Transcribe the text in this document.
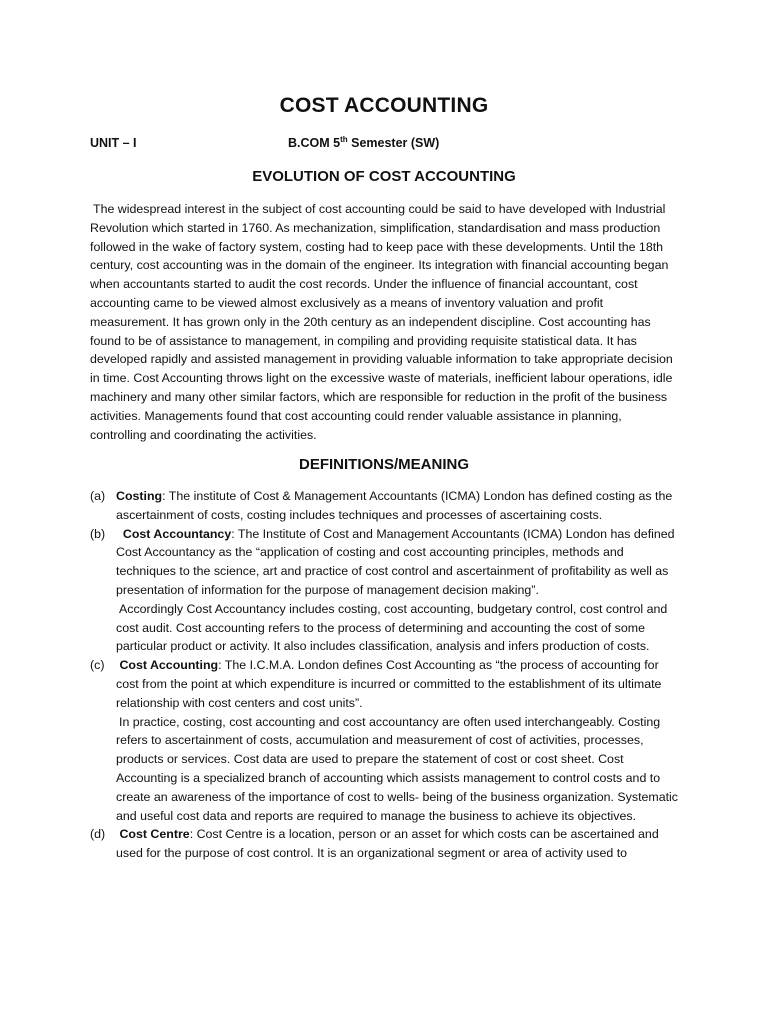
COST ACCOUNTING
UNIT – I	B.COM 5th Semester (SW)
EVOLUTION OF COST ACCOUNTING

The widespread interest in the subject of cost accounting could be said to have developed with Industrial Revolution which started in 1760. As mechanization, simplification, standardisation and mass production followed in the wake of factory system, costing had to keep pace with these developments. Until the 18th century, cost accounting was in the domain of the engineer. Its integration with financial accounting began when accountants started to audit the cost records. Under the influence of financial accountant, cost accounting came to be viewed almost exclusively as a means of inventory valuation and profit measurement. It has grown only in the 20th century as an independent discipline. Cost accounting has found to be of assistance to management, in compiling and providing requisite statistical data. It has developed rapidly and assisted management in providing valuable information to take appropriate decision in time. Cost Accounting throws light on the excessive waste of materials, inefficient labour operations, idle machinery and many other similar factors, which are responsible for reduction in the profit of the business activities. Managements found that cost accounting could render valuable assistance in planning, controlling and coordinating the activities.

DEFINITIONS/MEANING
(a) Costing: The institute of Cost & Management Accountants (ICMA) London has defined costing as the ascertainment of costs, costing includes techniques and processes of ascertaining costs.
(b)	Cost Accountancy: The Institute of Cost and Management Accountants (ICMA) London has defined Cost Accountancy as the “application of costing and cost accounting principles, methods and techniques to the science, art and practice of cost control and ascertainment of profitability as well as presentation of information for the purpose of management decision making”.
Accordingly Cost Accountancy includes costing, cost accounting, budgetary control, cost control and cost audit. Cost accounting refers to the process of determining and accounting the cost of some particular product or activity. It also includes classification, analysis and infers production of costs.
(c) Cost Accounting: The I.C.M.A. London defines Cost Accounting as “the process of accounting for cost from the point at which expenditure is incurred or committed to the establishment of its ultimate relationship with cost centers and cost units”.
In practice, costing, cost accounting and cost accountancy are often used interchangeably. Costing refers to ascertainment of costs, accumulation and measurement of cost of activities, processes, products or services. Cost data are used to prepare the statement of cost or cost sheet. Cost Accounting is a specialized branch of accounting which assists management to control costs and to create an awareness of the importance of cost to wells- being of the business organization. Systematic and useful cost data and reports are required to manage the business to achieve its objectives.
(d) Cost Centre: Cost Centre is a location, person or an asset for which costs can be ascertained and used for the purpose of cost control. It is an organizational segment or area of activity used to
